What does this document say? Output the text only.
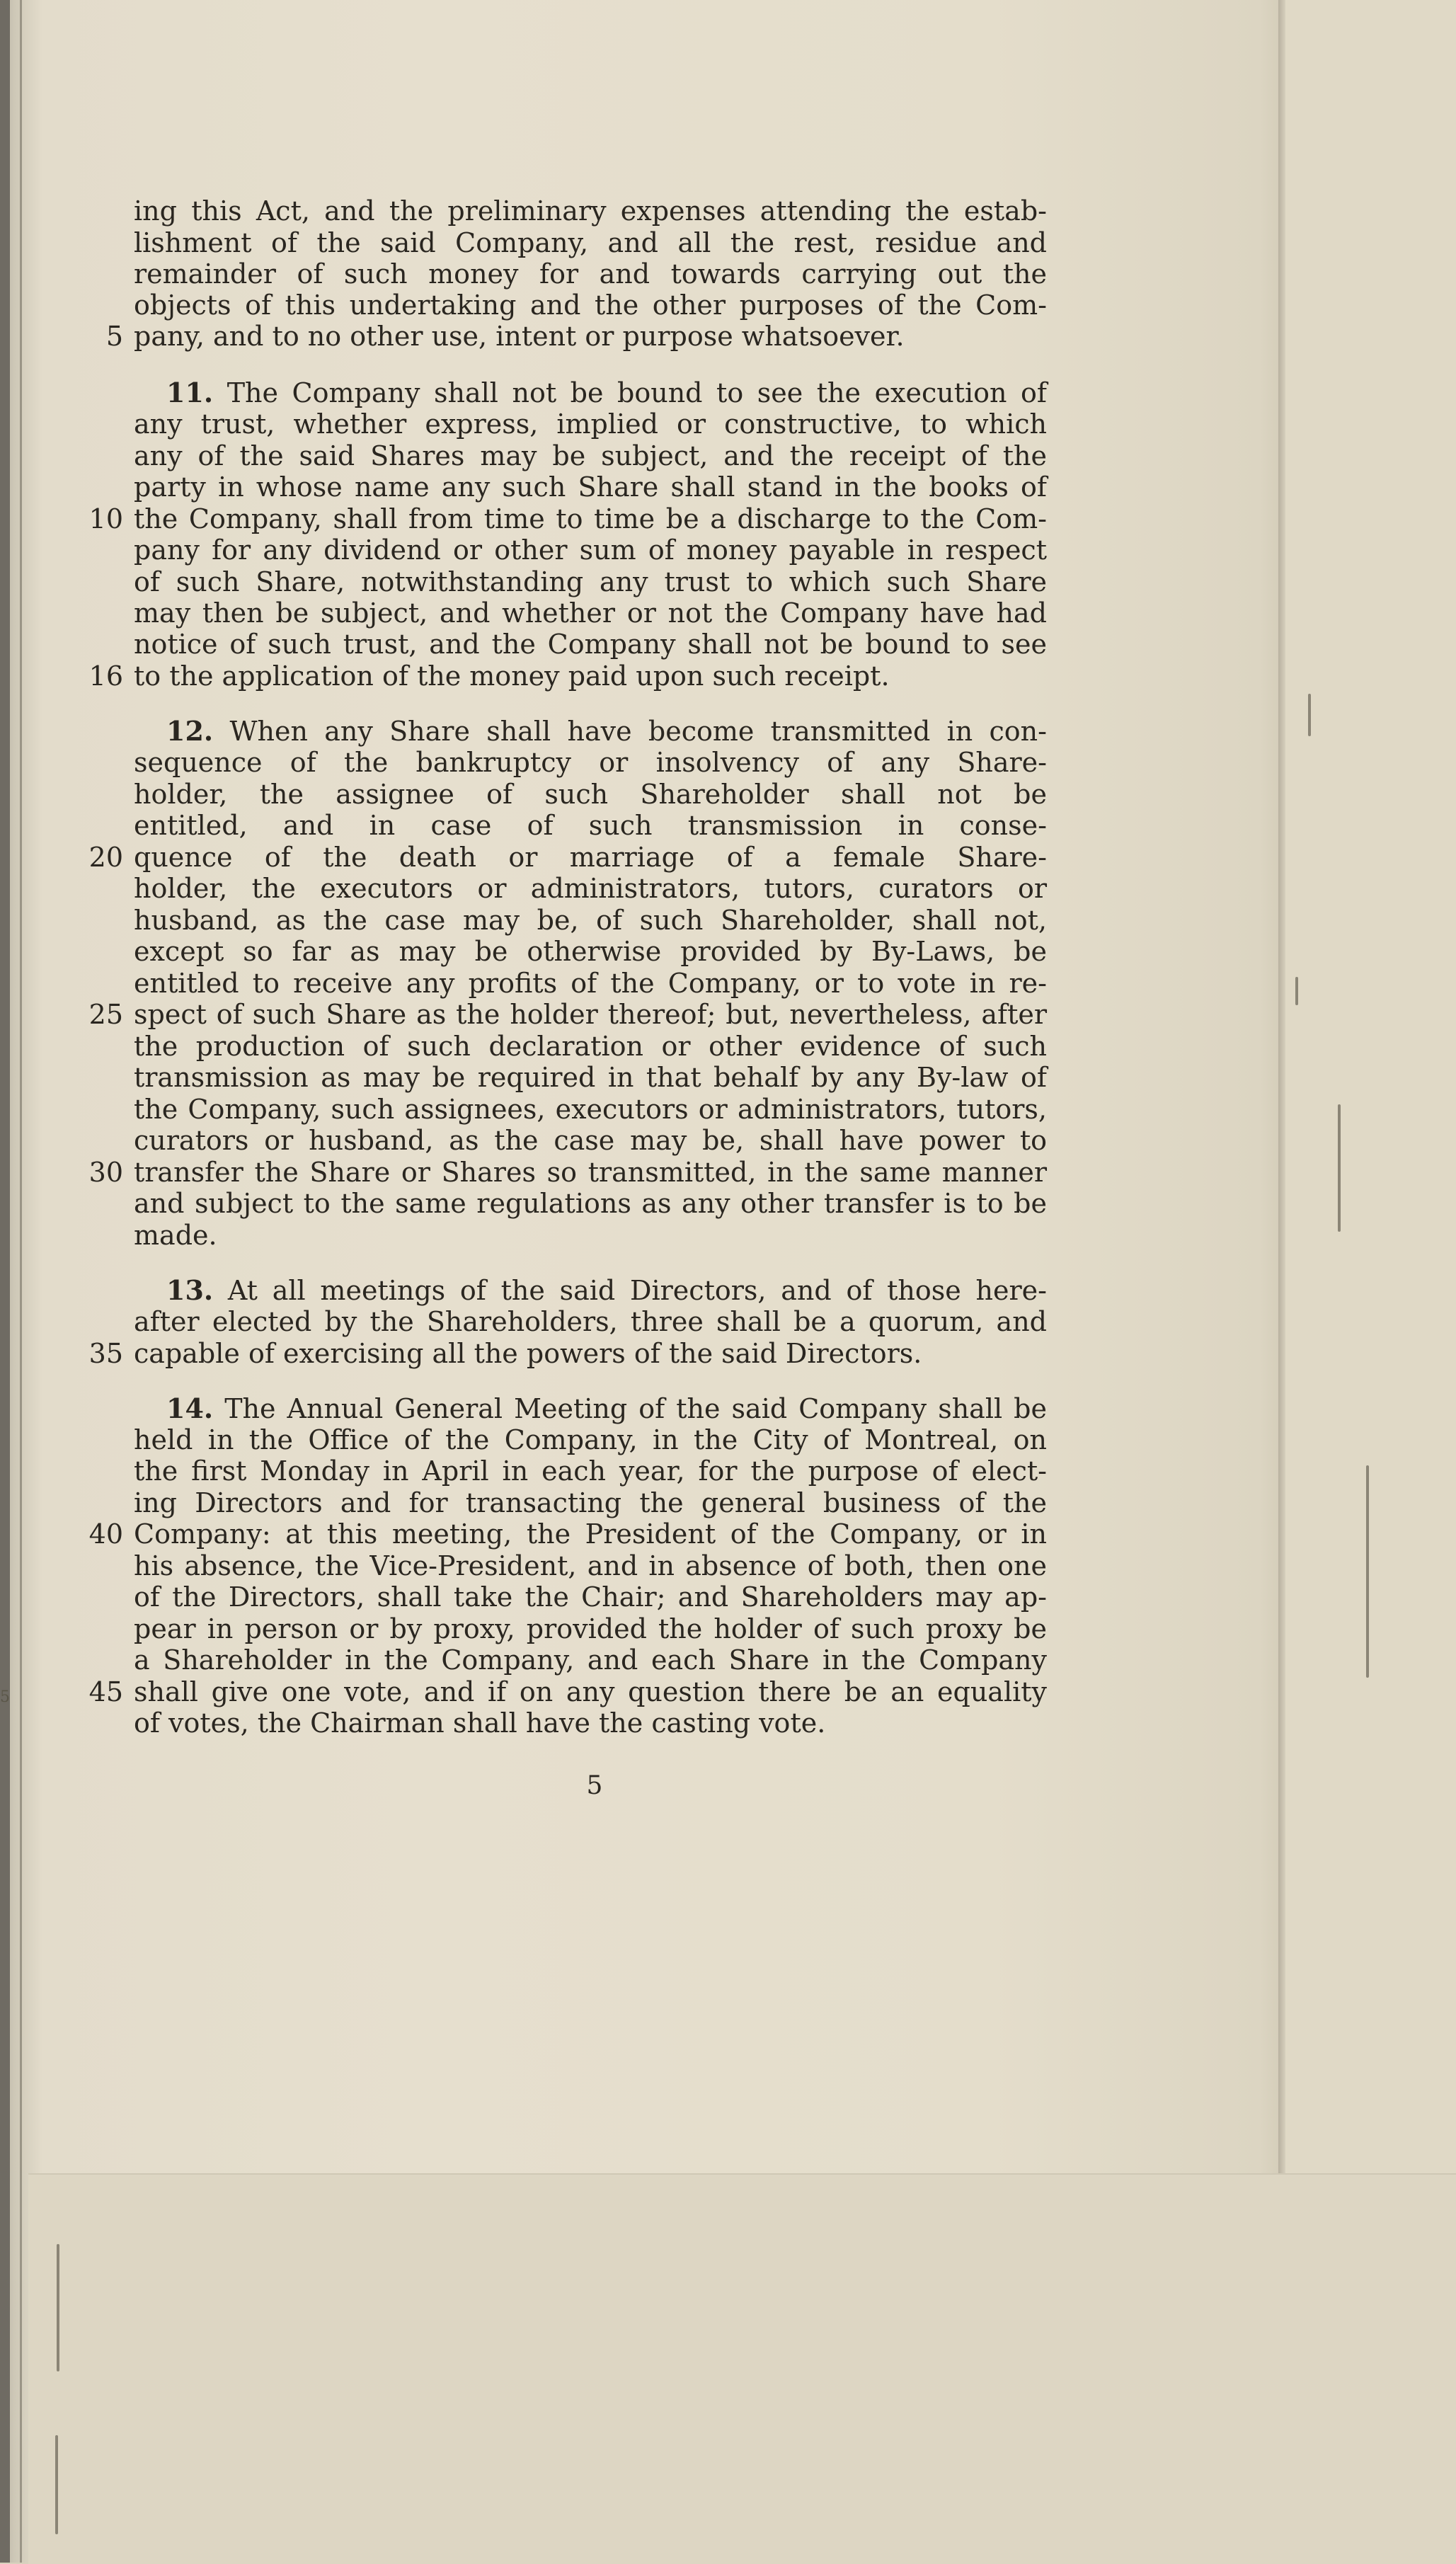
ing this Act, and the preliminary expenses attending the estab-
lishment of the said Company, and all the rest, residue and
remainder of such money for and towards carrying out the
objects of this undertaking and the other purposes of the Com-
pany, and to no other use, intent or purpose whatsoever.
5
11. The Company shall not be bound to see the execution of
any trust, whether express, implied or constructive, to which
any of the said Shares may be subject, and the receipt of the
party in whose name any such Share shall stand in the books of
the Company, shall from time to time be a discharge to the Com-
10
pany for any dividend or other sum of money payable in respect
of such Share, notwithstanding any trust to which such Share
may then be subject, and whether or not the Company have had
notice of such trust, and the Company shall not be bound to see
to the application of the money paid upon such receipt.
16
12. When any Share shall have become transmitted in con-
sequence of the bankruptcy or insolvency of any Share-
holder, the assignee of such Shareholder shall not be
entitled, and in case of such transmission in conse-
quence of the death or marriage of a female Share-
20
holder, the executors or administrators, tutors, curators or
husband, as the case may be, of such Shareholder, shall not,
except so far as may be otherwise provided by By-Laws, be
entitled to receive any profits of the Company, or to vote in re-
spect of such Share as the holder thereof; but, nevertheless, after
25
the production of such declaration or other evidence of such
transmission as may be required in that behalf by any By-law of
the Company, such assignees, executors or administrators, tutors,
curators or husband, as the case may be, shall have power to
transfer the Share or Shares so transmitted, in the same manner
30
and subject to the same regulations as any other transfer is to be
made.
13. At all meetings of the said Directors, and of those here-
after elected by the Shareholders, three shall be a quorum, and
capable of exercising all the powers of the said Directors.
35
14. The Annual General Meeting of the said Company shall be
held in the Office of the Company, in the City of Montreal, on
the first Monday in April in each year, for the purpose of elect-
ing Directors and for transacting the general business of the
Company: at this meeting, the President of the Company, or in
40
his absence, the Vice-President, and in absence of both, then one
of the Directors, shall take the Chair; and Shareholders may ap-
pear in person or by proxy, provided the holder of such proxy be
a Shareholder in the Company, and each Share in the Company
shall give one vote, and if on any question there be an equality
45
of votes, the Chairman shall have the casting vote.
5
5
